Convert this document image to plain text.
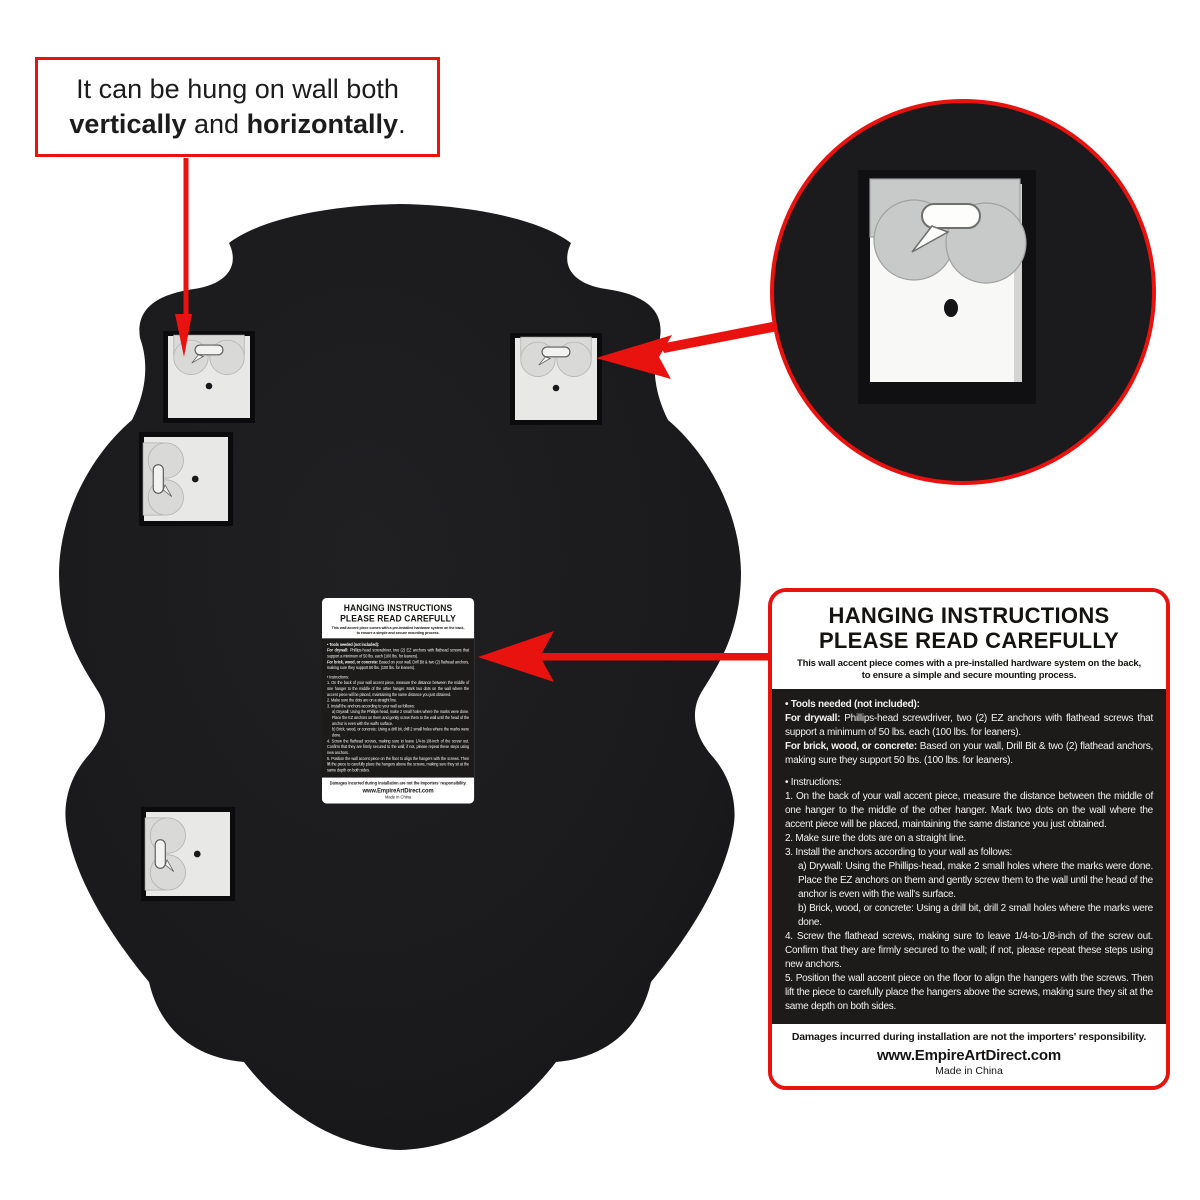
It can be hung on wall both
vertically and horizontally.
HANGING INSTRUCTIONS
PLEASE READ CAREFULLY
This wall accent piece comes with a pre-installed hardware system on the back,
to ensure a simple and secure mounting process.

• Tools needed (not included):

For drywall: Phillips-head screwdriver, two (2) EZ anchors with flathead screws that support a minimum of 50 lbs. each (100 lbs. for leaners).

For brick, wood, or concrete: Based on your wall, Drill Bit & two (2) flathead anchors, making sure they support 50 lbs. (100 lbs. for leaners).

• Instructions:

1. On the back of your wall accent piece, measure the distance between the middle of one hanger to the middle of the other hanger. Mark two dots on the wall where the accent piece will be placed, maintaining the same distance you just obtained.

2. Make sure the dots are on a straight line.

3. Install the anchors according to your wall as follows:

a) Drywall: Using the Phillips-head, make 2 small holes where the marks were done. Place the EZ anchors on them and gently screw them to the wall until the head of the anchor is even with the wall's surface.

b) Brick, wood, or concrete: Using a drill bit, drill 2 small holes where the marks were done.

4. Screw the flathead screws, making sure to leave 1/4-to-1/8-inch of the screw out. Confirm that they are firmly secured to the wall; if not, please repeat these steps using new anchors.

5. Position the wall accent piece on the floor to align the hangers with the screws. Then lift the piece to carefully place the hangers above the screws, making sure they sit at the same depth on both sides.

Damages incurred during installation are not the importers' responsibility.
www.EmpireArtDirect.com
Made in China
HANGING INSTRUCTIONS
PLEASE READ CAREFULLY
This wall accent piece comes with a pre-installed hardware system on the back,
to ensure a simple and secure mounting process.

• Tools needed (not included):

For drywall: Phillips-head screwdriver, two (2) EZ anchors with flathead screws that support a minimum of 50 lbs. each (100 lbs. for leaners).

For brick, wood, or concrete: Based on your wall, Drill Bit & two (2) flathead anchors, making sure they support 50 lbs. (100 lbs. for leaners).

• Instructions:

1. On the back of your wall accent piece, measure the distance between the middle of one hanger to the middle of the other hanger. Mark two dots on the wall where the accent piece will be placed, maintaining the same distance you just obtained.

2. Make sure the dots are on a straight line.

3. Install the anchors according to your wall as follows:

a) Drywall: Using the Phillips-head, make 2 small holes where the marks were done. Place the EZ anchors on them and gently screw them to the wall until the head of the anchor is even with the wall's surface.

b) Brick, wood, or concrete: Using a drill bit, drill 2 small holes where the marks were done.

4. Screw the flathead screws, making sure to leave 1/4-to-1/8-inch of the screw out. Confirm that they are firmly secured to the wall; if not, please repeat these steps using new anchors.

5. Position the wall accent piece on the floor to align the hangers with the screws. Then lift the piece to carefully place the hangers above the screws, making sure they sit at the same depth on both sides.

Damages incurred during installation are not the importers' responsibility.
www.EmpireArtDirect.com
Made in China
